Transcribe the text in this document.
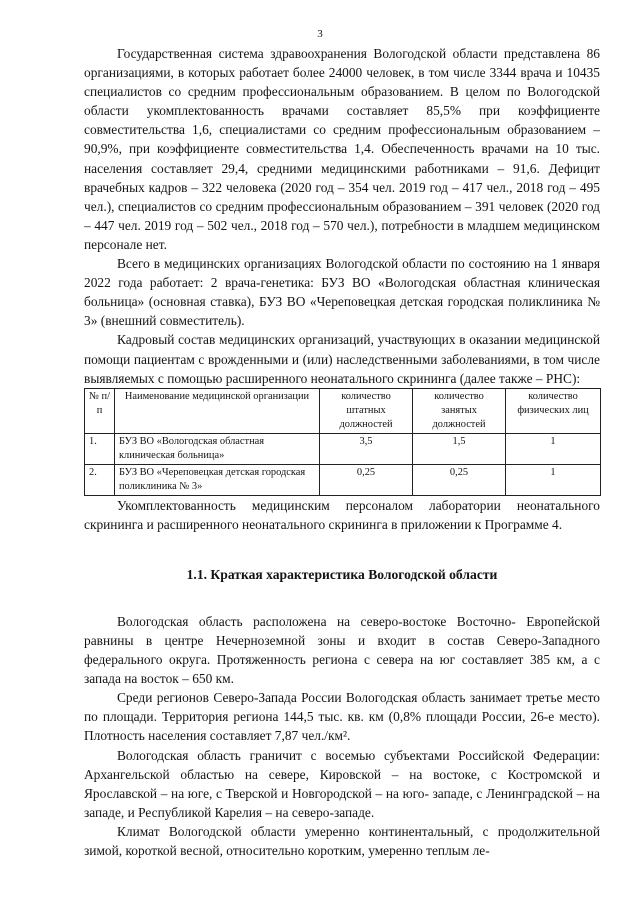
3

Государственная система здравоохранения Вологодской области представлена 86 организациями, в которых работает более 24000 человек, в том числе 3344 врача и 10435 специалистов со средним профессиональным образованием. В целом по Вологодской области укомплектованность врачами составляет 85,5% при коэффициенте совместительства 1,6, специалистами со средним профессиональным образованием – 90,9%, при коэффициенте совместительства 1,4. Обеспеченность врачами на 10 тыс. населения составляет 29,4, средними медицинскими работниками – 91,6. Дефицит врачебных кадров – 322 человека (2020 год – 354 чел. 2019 год – 417 чел., 2018 год – 495 чел.), специалистов со средним профессиональным образованием – 391 человек (2020 год – 447 чел. 2019 год – 502 чел., 2018 год – 570 чел.), потребности в младшем медицинском персонале нет.

Всего в медицинских организациях Вологодской области по состоянию на 1 января 2022 года работает: 2 врача-генетика: БУЗ ВО «Вологодская областная клиническая больница» (основная ставка), БУЗ ВО «Череповецкая детская городская поликлиника № 3» (внешний совместитель).

Кадровый состав медицинских организаций, участвующих в оказании медицинской помощи пациентам с врожденными и (или) наследственными заболеваниями, в том числе выявляемых с помощью расширенного неонатального скрининга (далее также – РНС):

№ п/п	Наименование медицинской организации	количество штатных должностей	количество занятых должностей	количество физических лиц
1.	БУЗ ВО «Вологодская областная клиническая больница»	3,5	1,5	1
2.	БУЗ ВО «Череповецкая детская городская поликлиника № 3»	0,25	0,25	1

Укомплектованность медицинским персоналом лаборатории неонатального скрининга и расширенного неонатального скрининга в приложении к Программе 4.

1.1. Краткая характеристика Вологодской области

Вологодская область расположена на северо-востоке Восточно- Европейской равнины в центре Нечерноземной зоны и входит в состав Северо-Западного федерального округа. Протяженность региона с севера на юг составляет 385 км, а с запада на восток – 650 км.

Среди регионов Северо-Запада России Вологодская область занимает третье место по площади. Территория региона 144,5 тыс. кв. км (0,8% площади России, 26-е место). Плотность населения составляет 7,87 чел./км².

Вологодская область граничит с восемью субъектами Российской Федерации: Архангельской областью на севере, Кировской – на востоке, с Костромской и Ярославской – на юге, с Тверской и Новгородской – на юго- западе, с Ленинградской – на западе, и Республикой Карелия – на северо-западе.

Климат Вологодской области умеренно континентальный, с продолжительной зимой, короткой весной, относительно коротким, умеренно теплым ле-
